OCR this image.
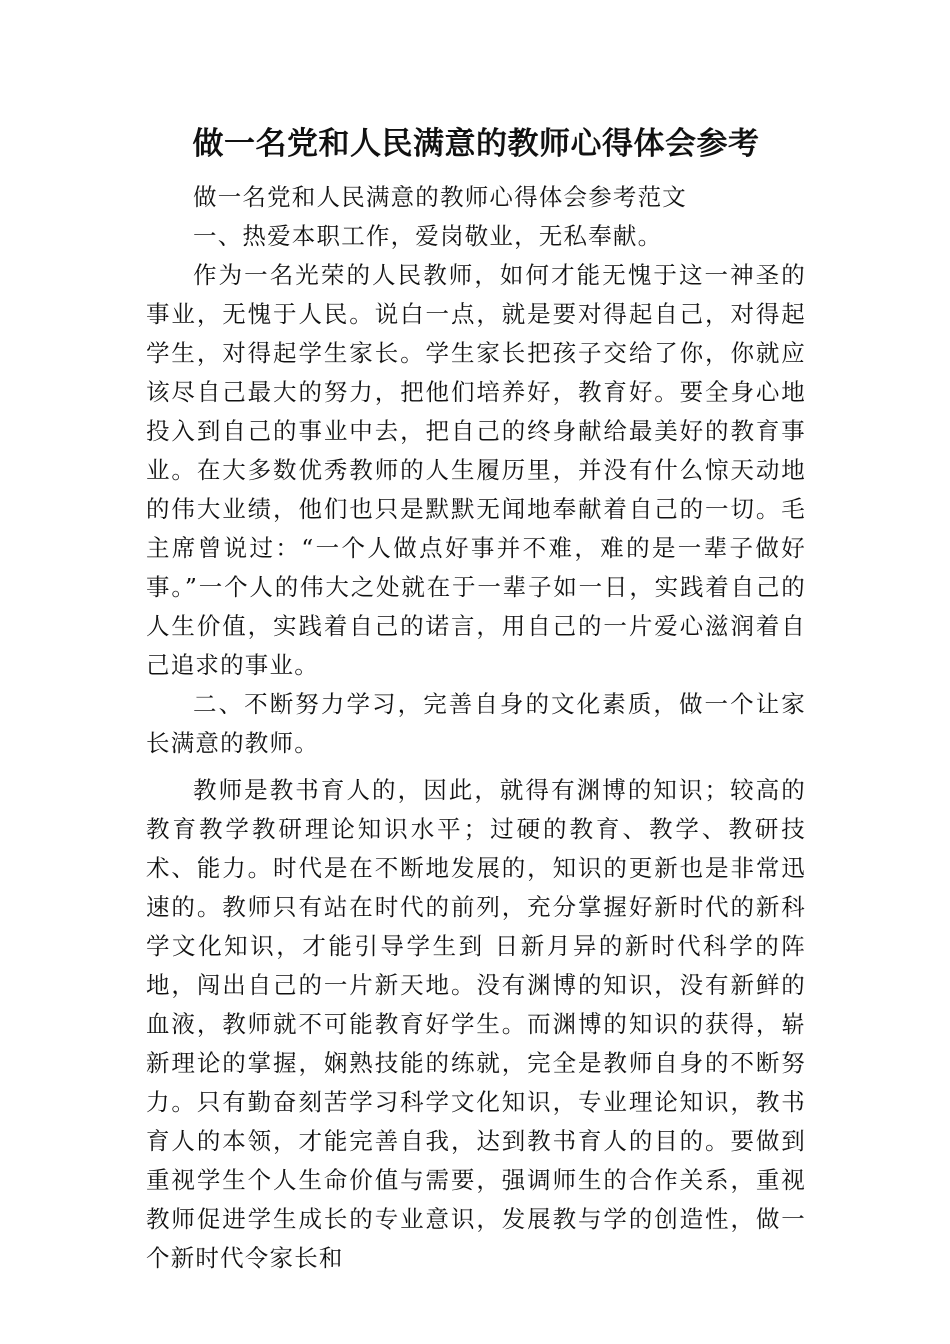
做一名党和人民满意的教师心得体会参考

做一名党和人民满意的教师心得体会参考范文

一、热爱本职工作，爱岗敬业，无私奉献。

作为一名光荣的人民教师，如何才能无愧于这一神圣的事业，无愧于人民。说白一点，就是要对得起自己，对得起学生，对得起学生家长。学生家长把孩子交给了你，你就应该尽自己最大的努力，把他们培养好，教育好。要全身心地投入到自己的事业中去，把自己的终身献给最美好的教育事业。在大多数优秀教师的人生履历里，并没有什么惊天动地的伟大业绩，他们也只是默默无闻地奉献着自己的一切。毛主席曾说过：“一个人做点好事并不难，难的是一辈子做好事。”一个人的伟大之处就在于一辈子如一日，实践着自己的人生价值，实践着自己的诺言，用自己的一片爱心滋润着自己追求的事业。

二、不断努力学习，完善自身的文化素质，做一个让家长满意的教师。

教师是教书育人的，因此，就得有渊博的知识；较高的教育教学教研理论知识水平；过硬的教育、教学、教研技术、能力。时代是在不断地发展的，知识的更新也是非常迅速的。教师只有站在时代的前列，充分掌握好新时代的新科学文化知识，才能引导学生到 日新月异的新时代科学的阵地，闯出自己的一片新天地。没有渊博的知识，没有新鲜的血液，教师就不可能教育好学生。而渊博的知识的获得，崭新理论的掌握，娴熟技能的练就，完全是教师自身的不断努力。只有勤奋刻苦学习科学文化知识，专业理论知识，教书育人的本领，才能完善自我，达到教书育人的目的。要做到重视学生个人生命价值与需要，强调师生的合作关系，重视教师促进学生成长的专业意识，发展教与学的创造性，做一个新时代令家长和
